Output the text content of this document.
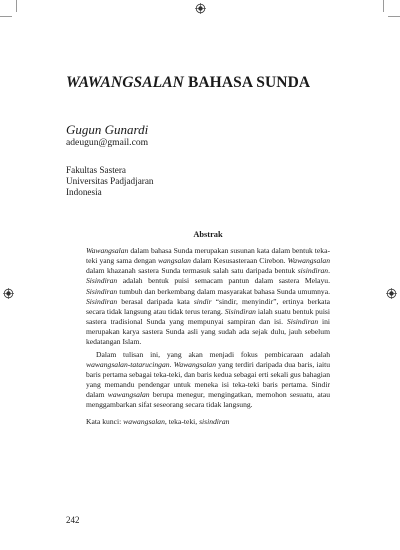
WAWANGSALAN BAHASA SUNDA

Gugun Gunardi

adeugun@gmail.com

Fakultas Sastera
Universitas Padjadjaran
Indonesia
Abstrak

Wawangsalan dalam bahasa Sunda merupakan susunan kata dalam bentuk teka-teki yang sama dengan wangsalan dalam Kesusasteraan Cirebon. Wawangsalan dalam khazanah sastera Sunda termasuk salah satu daripada bentuk sisindiran. Sisindiran adalah bentuk puisi semacam pantun dalam sastera Melayu. Sisindiran tumbuh dan berkembang dalam masyarakat bahasa Sunda umumnya. Sisindiran berasal daripada kata sindir “sindir, menyindir”, ertinya berkata secara tidak langsung atau tidak terus terang. Sisindiran ialah suatu bentuk puisi sastera tradisional Sunda yang mempunyai sampiran dan isi. Sisindiran ini merupakan karya sastera Sunda asli yang sudah ada sejak dulu, jauh sebelum kedatangan Islam.

Dalam tulisan ini, yang akan menjadi fokus pembicaraan adalah wawangsalan-tatarucingan. Wawangsalan yang terdiri daripada dua baris, iaitu baris pertama sebagai teka-teki, dan baris kedua sebagai erti sekali gus bahagian yang memandu pendengar untuk meneka isi teka-teki baris pertama. Sindir dalam wawangsalan berupa menegur, mengingatkan, memohon sesuatu, atau menggambarkan sifat seseorang secara tidak langsung.

Kata kunci: wawangsalan, teka-teki, sisindiran

242
